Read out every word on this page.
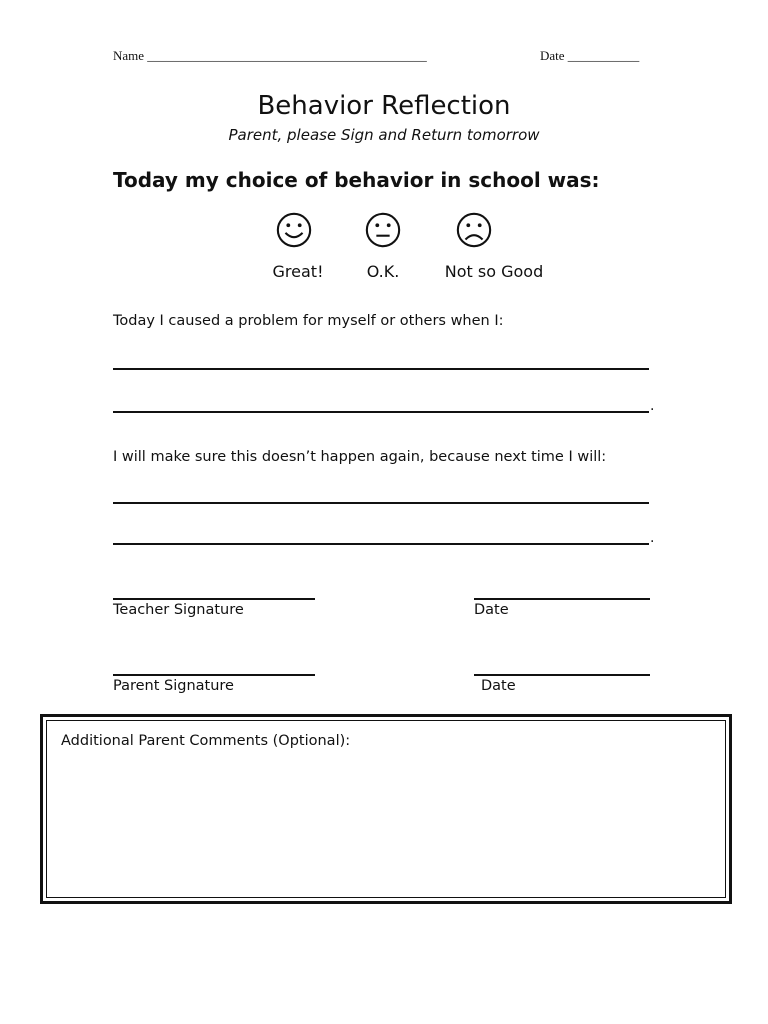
Name ___________________________________________	Date ___________
Behavior Reflection
Parent, please Sign and Return tomorrow
Today my choice of behavior in school was:
Great!	O.K.	Not so Good
Today I caused a problem for myself or others when I:
.
I will make sure this doesn’t happen again, because next time I will:
.
Teacher Signature	Date
Parent Signature	Date
Additional Parent Comments (Optional):
